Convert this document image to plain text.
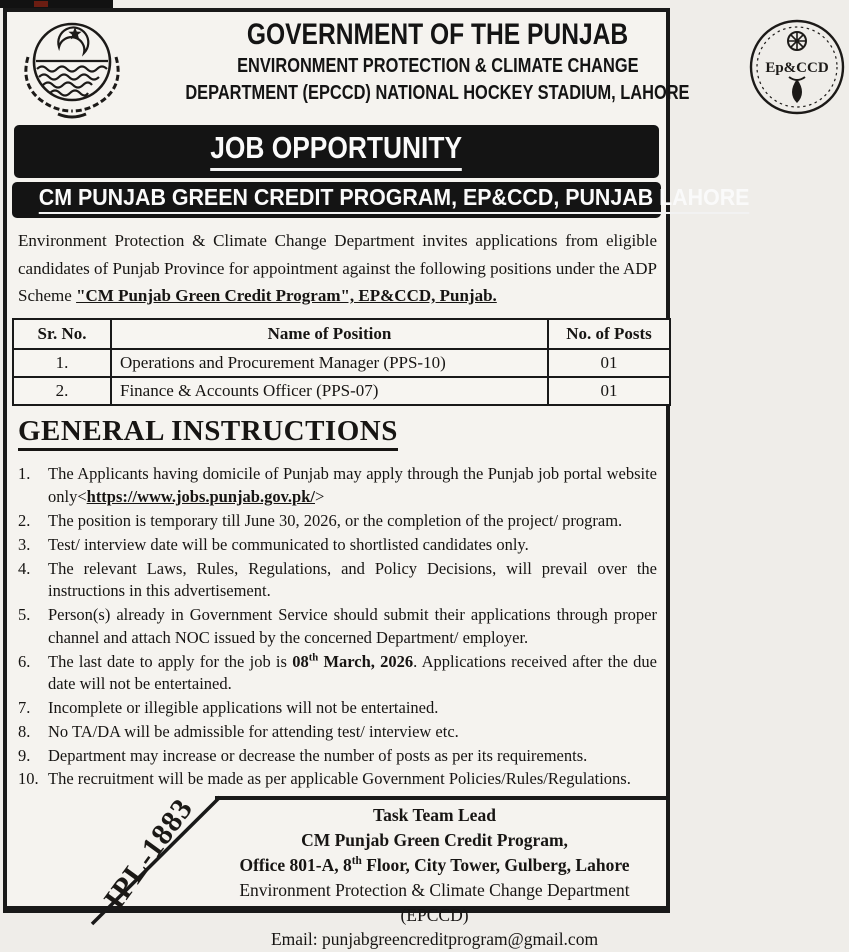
GOVERNMENT OF THE PUNJAB
ENVIRONMENT PROTECTION & CLIMATE CHANGE
DEPARTMENT (EPCCD) NATIONAL HOCKEY STADIUM, LAHORE
Ep&CCD
JOB OPPORTUNITY
CM PUNJAB GREEN CREDIT PROGRAM, EP&CCD, PUNJAB LAHORE
Environment Protection & Climate Change Department invites applications from eligible candidates of Punjab Province for appointment against the following positions under the ADP Scheme "CM Punjab Green Credit Program", EP&CCD, Punjab.
Sr. No.	Name of Position	No. of Posts
1.	Operations and Procurement Manager (PPS-10)	01
2.	Finance & Accounts Officer (PPS-07)	01
GENERAL INSTRUCTIONS
1.	The Applicants having domicile of Punjab may apply through the Punjab job portal website only<https://www.jobs.punjab.gov.pk/>
2.	The position is temporary till June 30, 2026, or the completion of the project/ program.
3.	Test/ interview date will be communicated to shortlisted candidates only.
4.	The relevant Laws, Rules, Regulations, and Policy Decisions, will prevail over the instructions in this advertisement.
5.	Person(s) already in Government Service should submit their applications through proper channel and attach NOC issued by the concerned Department/ employer.
6.	The last date to apply for the job is 08th March, 2026. Applications received after the due date will not be entertained.
7.	Incomplete or illegible applications will not be entertained.
8.	No TA/DA will be admissible for attending test/ interview etc.
9.	Department may increase or decrease the number of posts as per its requirements.
10. The recruitment will be made as per applicable Government Policies/Rules/Regulations.
IPL-1883	Task Team Lead
CM Punjab Green Credit Program,
Office 801-A, 8th Floor, City Tower, Gulberg, Lahore
Environment Protection & Climate Change Department (EPCCD)
Email: punjabgreencreditprogram@gmail.com
